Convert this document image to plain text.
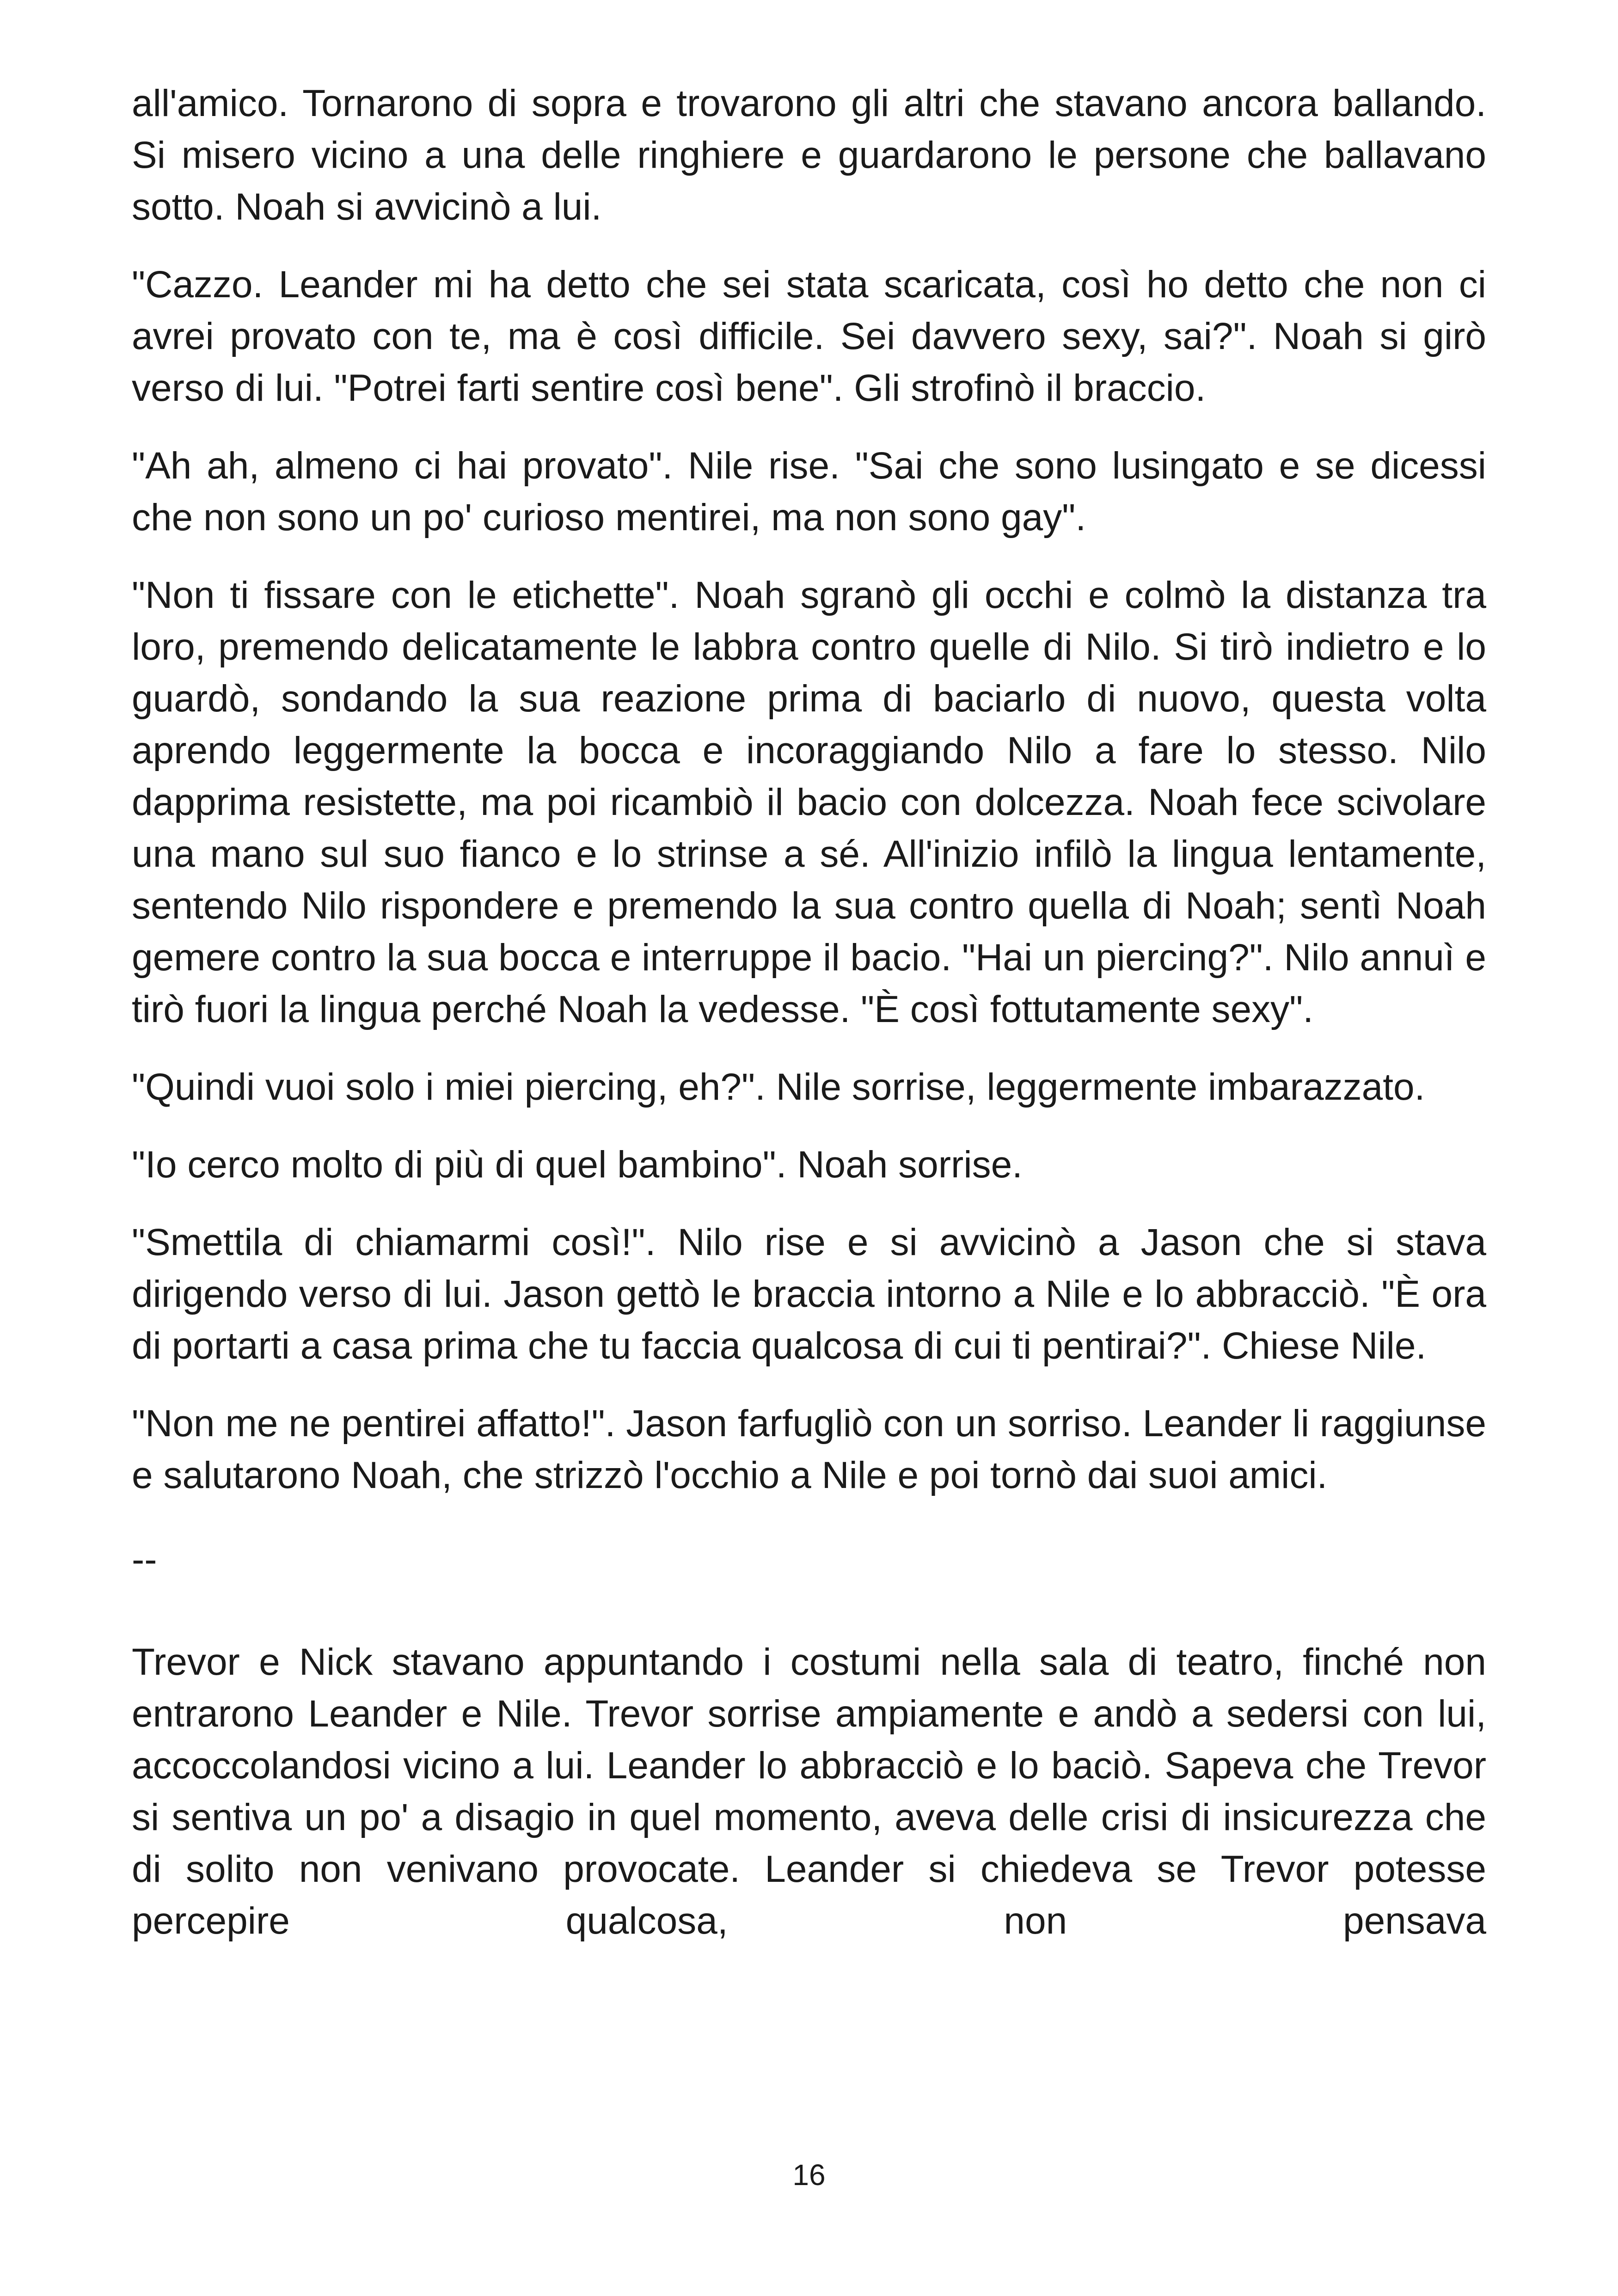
all'amico. Tornarono di sopra e trovarono gli altri che stavano ancora ballando. Si misero vicino a una delle ringhiere e guardarono le persone che ballavano sotto. Noah si avvicinò a lui.

"Cazzo. Leander mi ha detto che sei stata scaricata, così ho detto che non ci avrei provato con te, ma è così difficile. Sei davvero sexy, sai?". Noah si girò verso di lui. "Potrei farti sentire così bene". Gli strofinò il braccio.

"Ah ah, almeno ci hai provato". Nile rise. "Sai che sono lusingato e se dicessi che non sono un po' curioso mentirei, ma non sono gay".

"Non ti fissare con le etichette". Noah sgranò gli occhi e colmò la distanza tra loro, premendo delicatamente le labbra contro quelle di Nilo. Si tirò indietro e lo guardò, sondando la sua reazione prima di baciarlo di nuovo, questa volta aprendo leggermente la bocca e incoraggiando Nilo a fare lo stesso. Nilo dapprima resistette, ma poi ricambiò il bacio con dolcezza. Noah fece scivolare una mano sul suo fianco e lo strinse a sé. All'inizio infilò la lingua lentamente, sentendo Nilo rispondere e premendo la sua contro quella di Noah; sentì Noah gemere contro la sua bocca e interruppe il bacio. "Hai un piercing?". Nilo annuì e tirò fuori la lingua perché Noah la vedesse. "È così fottutamente sexy".

"Quindi vuoi solo i miei piercing, eh?". Nile sorrise, leggermente imbarazzato.

"Io cerco molto di più di quel bambino". Noah sorrise.

"Smettila di chiamarmi così!". Nilo rise e si avvicinò a Jason che si stava dirigendo verso di lui. Jason gettò le braccia intorno a Nile e lo abbracciò. "È ora di portarti a casa prima che tu faccia qualcosa di cui ti pentirai?". Chiese Nile.

"Non me ne pentirei affatto!". Jason farfugliò con un sorriso. Leander li raggiunse e salutarono Noah, che strizzò l'occhio a Nile e poi tornò dai suoi amici.

--

Trevor e Nick stavano appuntando i costumi nella sala di teatro, finché non entrarono Leander e Nile. Trevor sorrise ampiamente e andò a sedersi con lui, accoccolandosi vicino a lui. Leander lo abbracciò e lo baciò. Sapeva che Trevor si sentiva un po' a disagio in quel momento, aveva delle crisi di insicurezza che di solito non venivano provocate. Leander si chiedeva se Trevor potesse percepire qualcosa, non pensava

16
